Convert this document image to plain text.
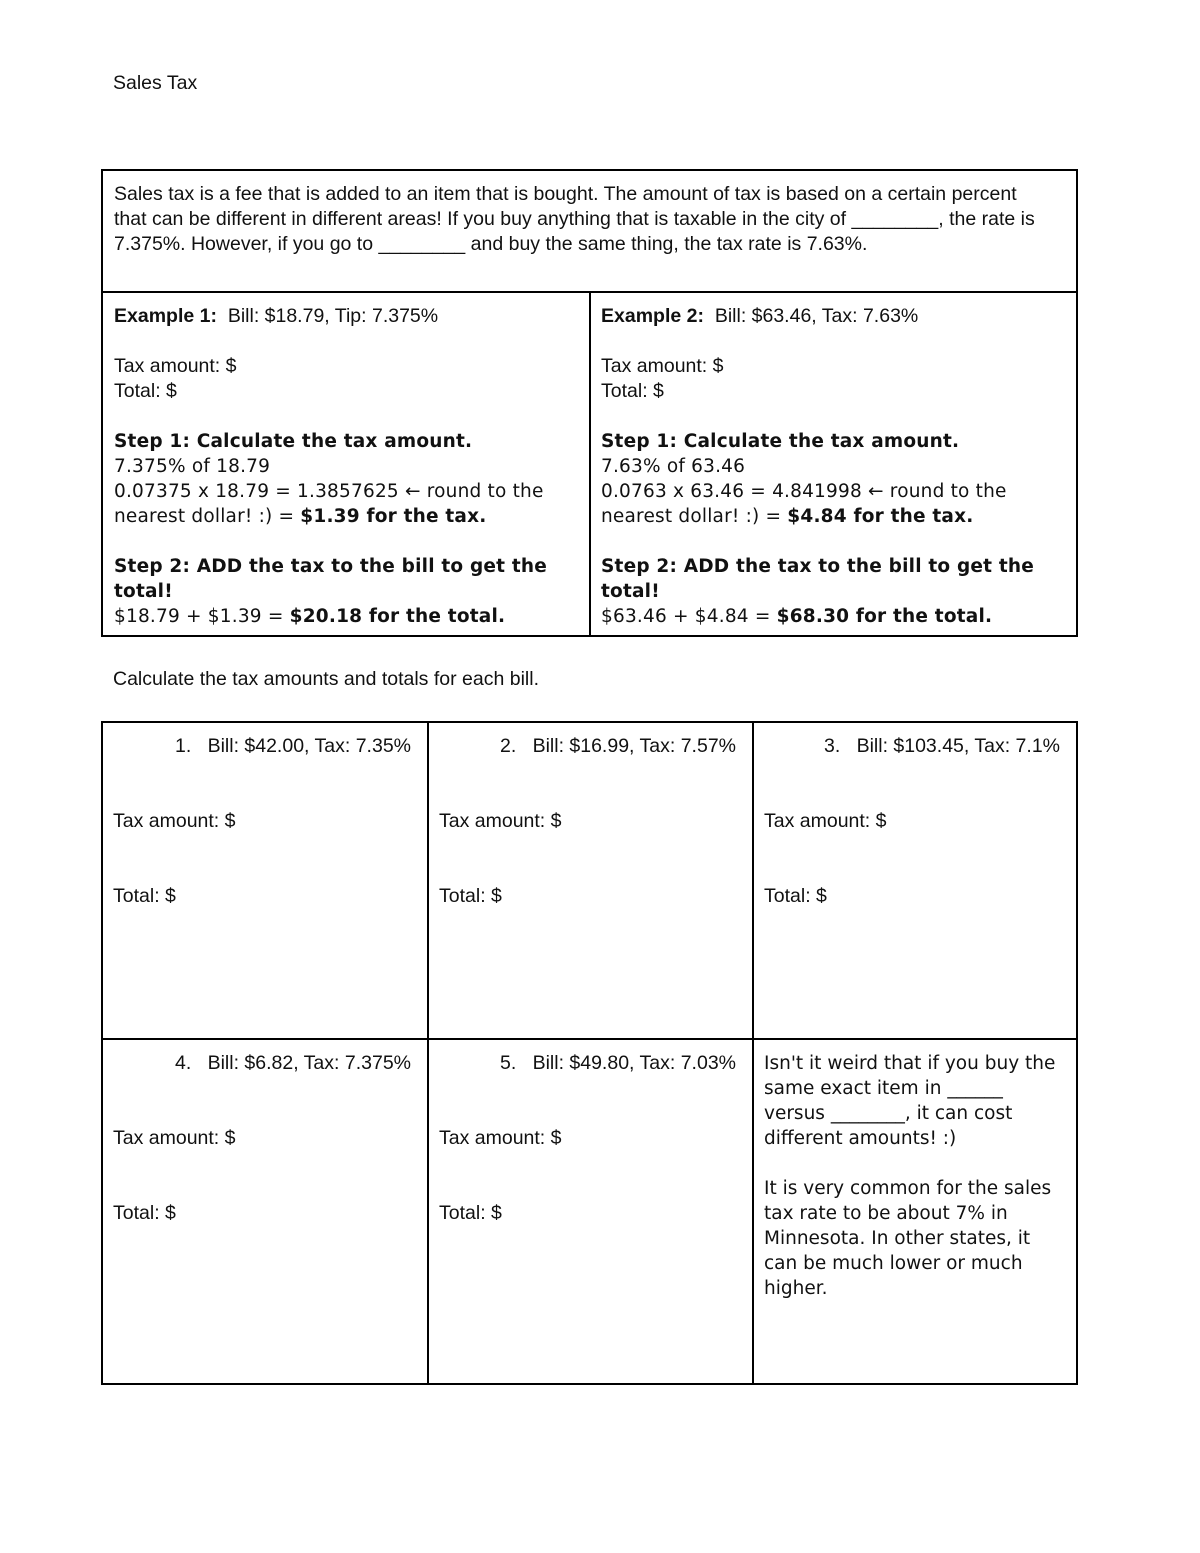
Sales Tax
Sales tax is a fee that is added to an item that is bought. The amount of tax is based on a certain percent that can be different in different areas! If you buy anything that is taxable in the city of ________, the rate is 7.375%. However, if you go to ________ and buy the same thing, the tax rate is 7.63%.
Example 1: Bill: $18.79, Tip: 7.375%
Tax amount: $
Total: $
Step 1: Calculate the tax amount.
7.375% of 18.79
0.07375 x 18.79 = 1.3857625 ← round to the nearest dollar! :) = $1.39 for the tax.
Step 2: ADD the tax to the bill to get the total!
$18.79 + $1.39 = $20.18 for the total.
Example 2: Bill: $63.46, Tax: 7.63%
Tax amount: $
Total: $
Step 1: Calculate the tax amount.
7.63% of 63.46
0.0763 x 63.46 = 4.841998 ← round to the nearest dollar! :) = $4.84 for the tax.
Step 2: ADD the tax to the bill to get the total!
$63.46 + $4.84 = $68.30 for the total.
Calculate the tax amounts and totals for each bill.
1. Bill: $42.00, Tax: 7.35%
Tax amount: $
Total: $
2. Bill: $16.99, Tax: 7.57%
Tax amount: $
Total: $
3. Bill: $103.45, Tax: 7.1%
Tax amount: $
Total: $
4. Bill: $6.82, Tax: 7.375%
Tax amount: $
Total: $
5. Bill: $49.80, Tax: 7.03%
Tax amount: $
Total: $
Isn't it weird that if you buy the same exact item in ______ versus ________, it can cost different amounts! :)
It is very common for the sales tax rate to be about 7% in Minnesota. In other states, it can be much lower or much higher.
